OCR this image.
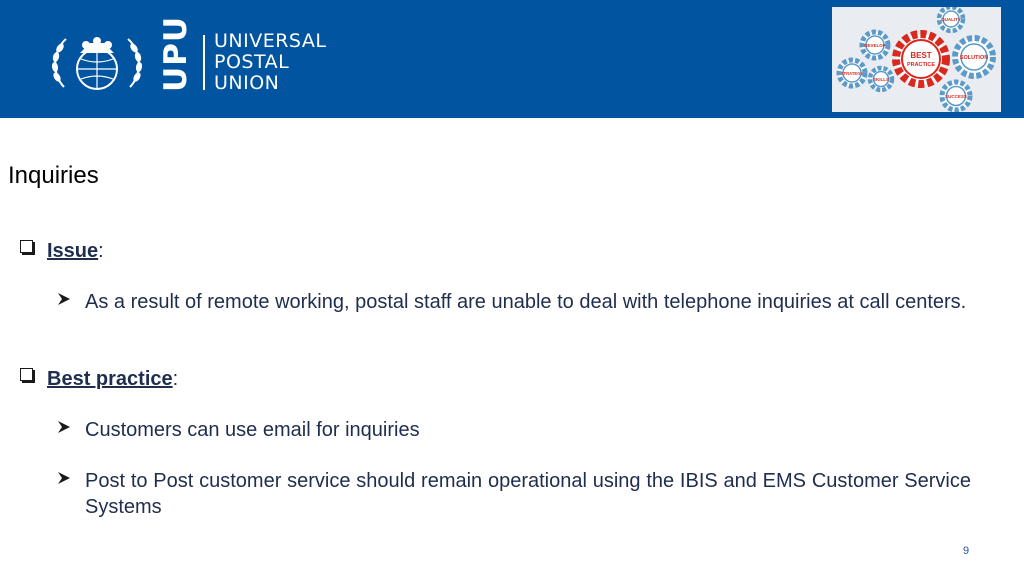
UPU UNIVERSAL
POSTAL
UNION
QUALITY
DEVELOP
STRATEGY
SKILLS
BEST
PRACTICE
SOLUTION
SUCCESS
Inquiries
Issue:
As a result of remote working, postal staff are unable to deal with telephone inquiries at call centers.
Best practice:
Customers can use email for inquiries
Post to Post customer service should remain operational using the IBIS and EMS Customer Service Systems
9
